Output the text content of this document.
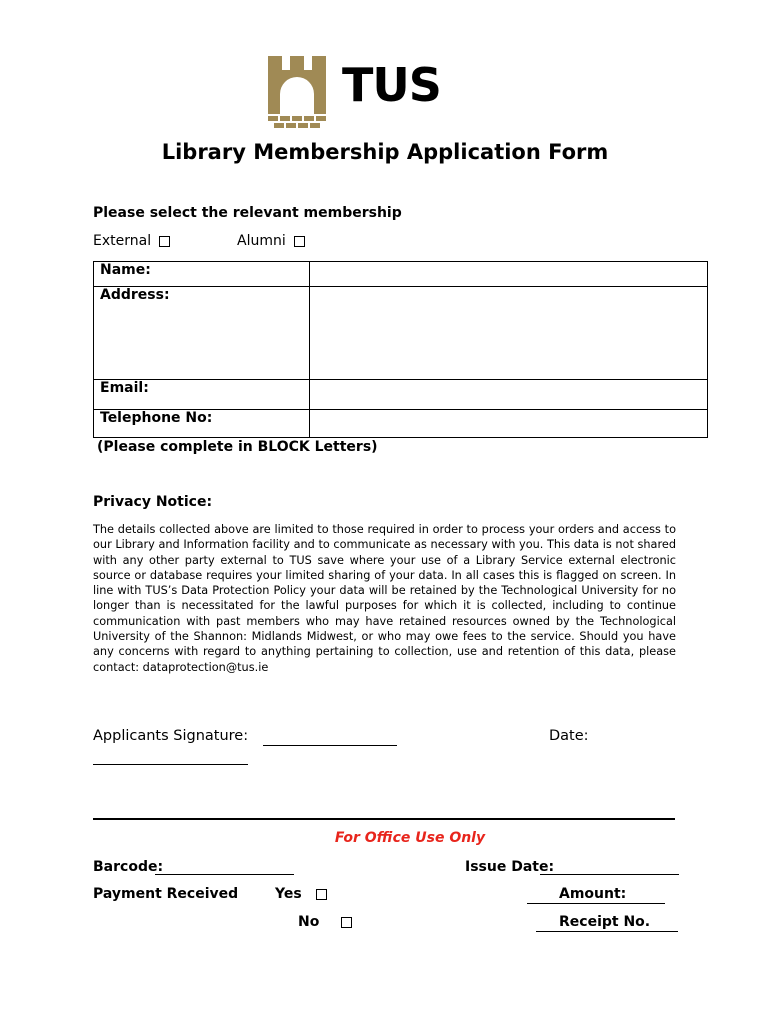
TUS
Library Membership Application Form
Please select the relevant membership
External	Alumni
Name:	
Address:	
Email:	
Telephone No:	
(Please complete in BLOCK Letters)
Privacy Notice:
The details collected above are limited to those required in order to process your orders and access to our Library and Information facility and to communicate as necessary with you. This data is not shared with any other party external to TUS save where your use of a Library Service external electronic source or database requires your limited sharing of your data. In all cases this is flagged on screen. In line with TUS’s Data Protection Policy your data will be retained by the Technological University for no longer than is necessitated for the lawful purposes for which it is collected, including to continue communication with past members who may have retained resources owned by the Technological University of the Shannon: Midlands Midwest, or who may owe fees to the service. Should you have any concerns with regard to anything pertaining to collection, use and retention of this data, please contact: dataprotection@tus.ie
Applicants Signature:	Date:
For Office Use Only
Barcode:	Issue Date:
Payment Received	Yes	Amount:
No	Receipt No.
